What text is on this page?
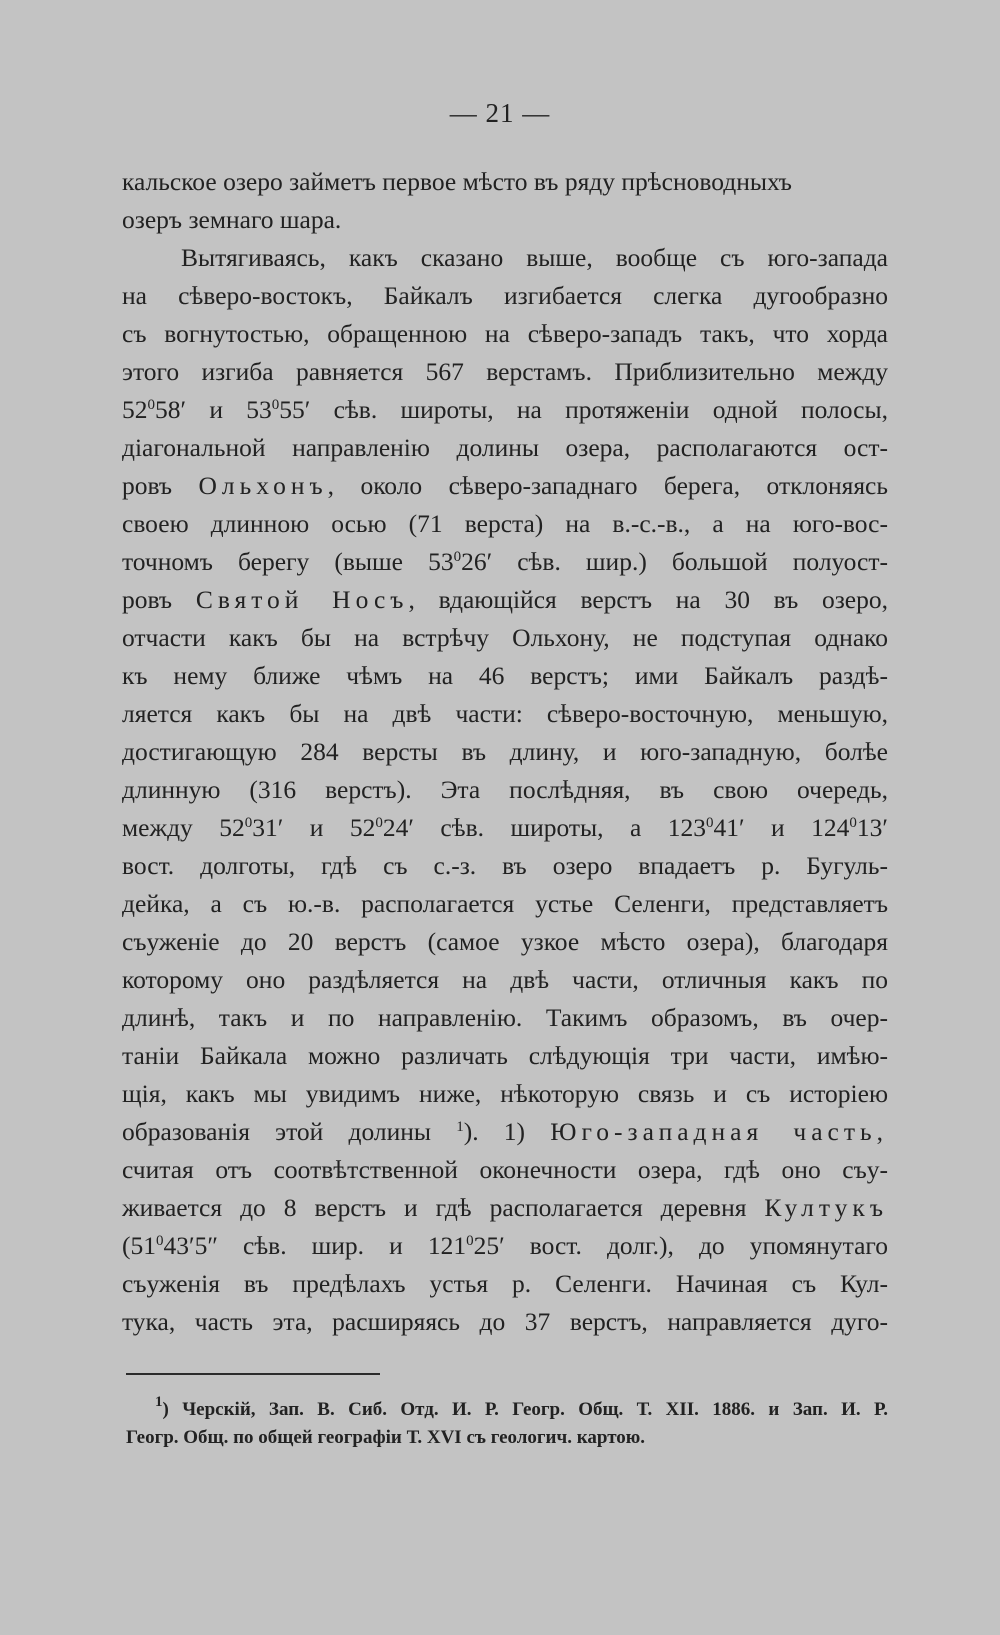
— 21 —
кальское озеро займетъ первое мѣсто въ ряду прѣсноводныхъ
озеръ земнаго шара.
Вытягиваясь, какъ сказано выше, вообще съ юго-запада
на сѣверо-востокъ, Байкалъ изгибается слегка дугообразно
съ вогнутостью, обращенною на сѣверо-западъ такъ, что хорда
этого изгиба равняется 567 верстамъ. Приблизительно между
$52^058'$ и $53^055'$ сѣв. широты, на протяженіи одной полосы,
діагональной направленію долины озера, располагаются ост-
ровъ Ольхонъ, около сѣверо-западнаго берега, отклоняясь
своею длинною осью (71 верста) на в.-с.-в., а на юго-вос-
точномъ берегу (выше $53^026'$ сѣв. шир.) большой полуост-
ровъ Святой Носъ, вдающійся верстъ на 30 въ озеро,
отчасти какъ бы на встрѣчу Ольхону, не подступая однако
къ нему ближе чѣмъ на 46 верстъ; ими Байкалъ раздѣ-
ляется какъ бы на двѣ части: сѣверо-восточную, меньшую,
достигающую 284 версты въ длину, и юго-западную, болѣе
длинную (316 верстъ). Эта послѣдняя, въ свою очередь,
между $52^031'$ и $52^024'$ сѣв. широты, а $123^041'$ и $124^013'$
вост. долготы, гдѣ съ с.-з. въ озеро впадаетъ р. Бугуль-
дейка, а съ ю.-в. располагается устье Селенги, представляетъ
съуженіе до 20 верстъ (самое узкое мѣсто озера), благодаря
которому оно раздѣляется на двѣ части, отличныя какъ по
длинѣ, такъ и по направленію. Такимъ образомъ, въ очер-
таніи Байкала можно различать слѣдующія три части, имѣю-
щія, какъ мы увидимъ ниже, нѣкоторую связь и съ исторіею
образованія этой долины $^1$). 1) Юго-западная часть,
считая отъ соотвѣтственной оконечности озера, гдѣ оно съу-
живается до 8 верстъ и гдѣ располагается деревня Култукъ
($51^043'5''$ сѣв. шир. и $121^025'$ вост. долг.), до упомянутаго
съуженія въ предѣлахъ устья р. Селенги. Начиная съ Кул-
тука, часть эта, расширяясь до 37 верстъ, направляется дуго-
$^1$) Черскій, Зап. В. Сиб. Отд. И. Р. Геогр. Общ. Т. XII. 1886. и Зап. И. Р.
Геогр. Общ. по общей географіи Т. XVI съ геологич. картою.
